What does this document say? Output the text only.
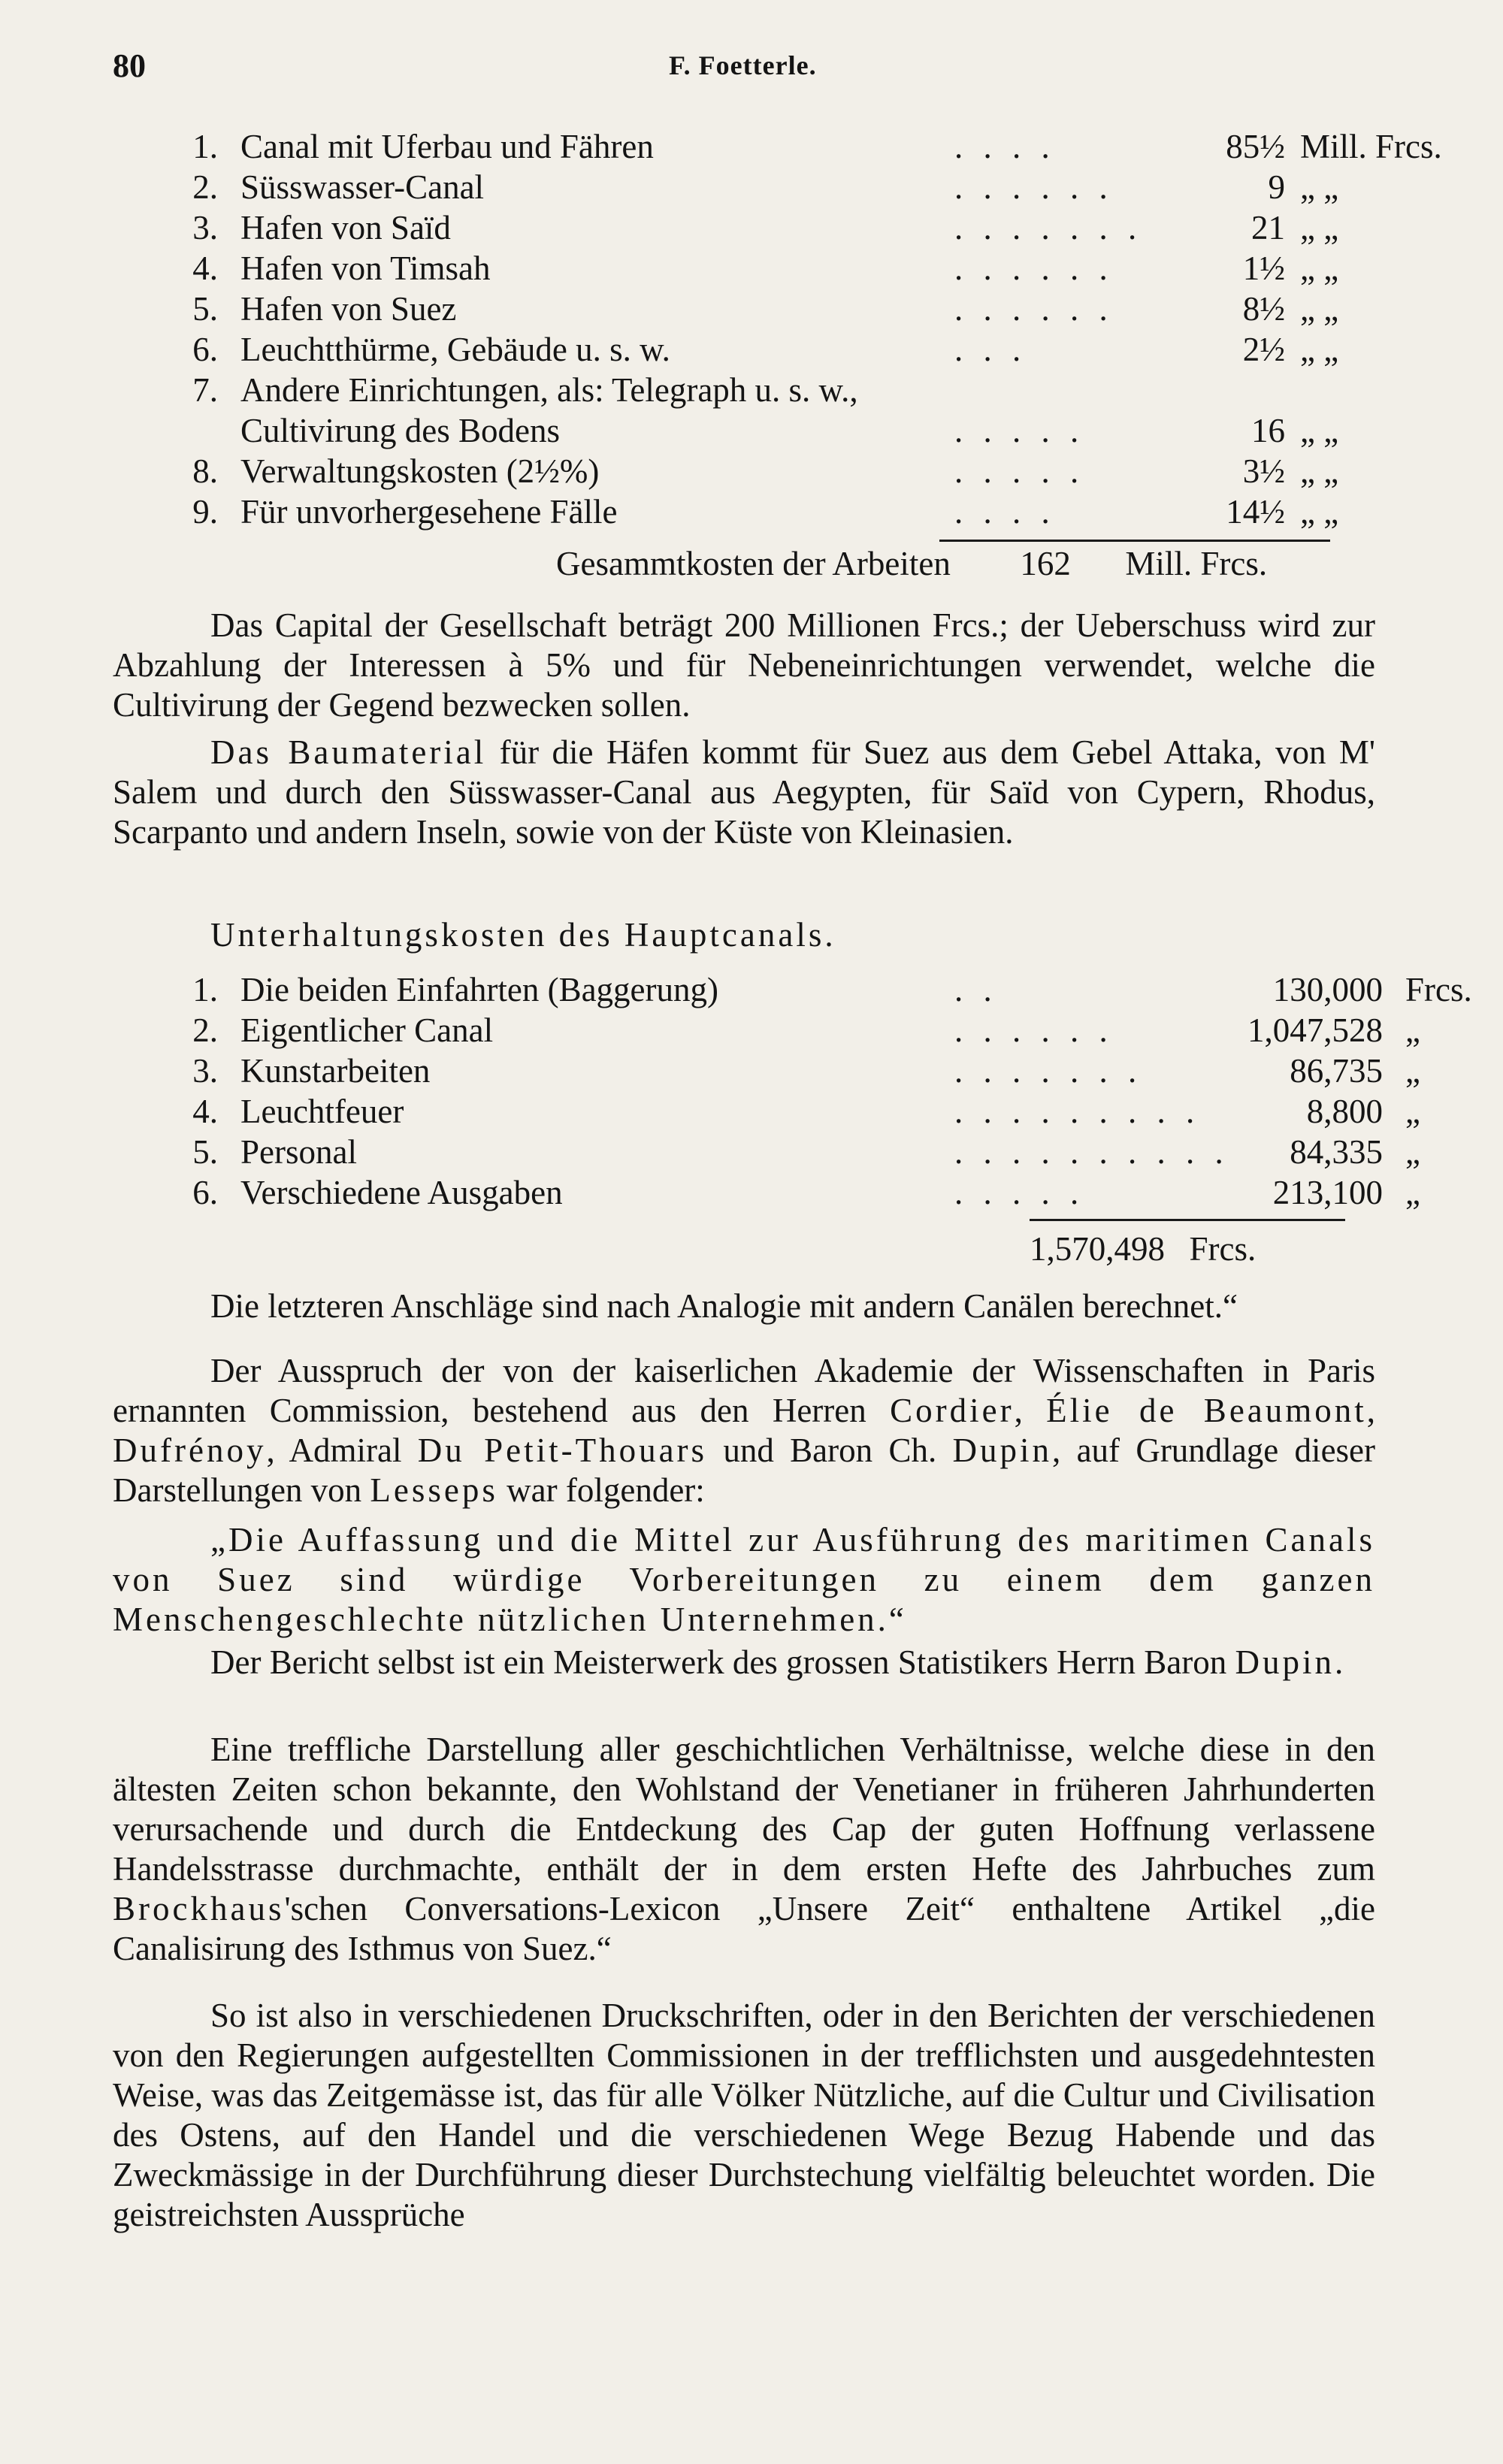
80	F. Foetterle.
1. Canal mit Uferbau und Fähren	. . . .	85½ Mill. Frcs.
2. Süsswasser-Canal	. . . . . .	9 „ „
3. Hafen von Saïd	. . . . . . .	21 „ „
4. Hafen von Timsah	. . . . . .	1½ „ „
5. Hafen von Suez	. . . . . .	8½ „ „
6. Leuchtthürme, Gebäude u. s. w.	. . .	2½ „ „
7. Andere Einrichtungen, als: Telegraph u. s. w.,
Cultivirung des Bodens	. . . . .	16 „ „
8. Verwaltungskosten (2½%)	. . . . .	3½ „ „
9. Für unvorhergesehene Fälle	. . . .	14½ „ „
Gesammtkosten der Arbeiten 162 Mill. Frcs.
Das Capital der Gesellschaft beträgt 200 Millionen Frcs.; der Ueberschuss wird zur Abzahlung der Interessen à 5% und für Nebeneinrichtungen verwendet, welche die Cultivirung der Gegend bezwecken sollen.
Das Baumaterial für die Häfen kommt für Suez aus dem Gebel Attaka, von M' Salem und durch den Süsswasser-Canal aus Aegypten, für Saïd von Cypern, Rhodus, Scarpanto und andern Inseln, sowie von der Küste von Kleinasien.
Unterhaltungskosten des Hauptcanals.
1. Die beiden Einfahrten (Baggerung)	. .	130,000 Frcs.
2. Eigentlicher Canal	. . . . . .	1,047,528 „
3. Kunstarbeiten	. . . . . . .	86,735 „
4. Leuchtfeuer	. . . . . . . . .	8,800 „
5. Personal	. . . . . . . . . .	84,335 „
6. Verschiedene Ausgaben	. . . . .	213,100 „
1,570,498 Frcs.
Die letzteren Anschläge sind nach Analogie mit andern Canälen berechnet.“
Der Ausspruch der von der kaiserlichen Akademie der Wissenschaften in Paris ernannten Commission, bestehend aus den Herren Cordier, Élie de Beaumont, Dufrénoy, Admiral Du Petit-Thouars und Baron Ch. Dupin, auf Grundlage dieser Darstellungen von Lesseps war folgender:
„Die Auffassung und die Mittel zur Ausführung des maritimen Canals von Suez sind würdige Vorbereitungen zu einem dem ganzen Menschengeschlechte nützlichen Unternehmen.“
Der Bericht selbst ist ein Meisterwerk des grossen Statistikers Herrn Baron Dupin.
Eine treffliche Darstellung aller geschichtlichen Verhältnisse, welche diese in den ältesten Zeiten schon bekannte, den Wohlstand der Venetianer in früheren Jahrhunderten verursachende und durch die Entdeckung des Cap der guten Hoffnung verlassene Handelsstrasse durchmachte, enthält der in dem ersten Hefte des Jahrbuches zum Brockhaus'schen Conversations-Lexicon „Unsere Zeit“ enthaltene Artikel „die Canalisirung des Isthmus von Suez.“
So ist also in verschiedenen Druckschriften, oder in den Berichten der verschiedenen von den Regierungen aufgestellten Commissionen in der trefflichsten und ausgedehntesten Weise, was das Zeitgemässe ist, das für alle Völker Nützliche, auf die Cultur und Civilisation des Ostens, auf den Handel und die verschiedenen Wege Bezug Habende und das Zweckmässige in der Durchführung dieser Durchstechung vielfältig beleuchtet worden. Die geistreichsten Aussprüche
